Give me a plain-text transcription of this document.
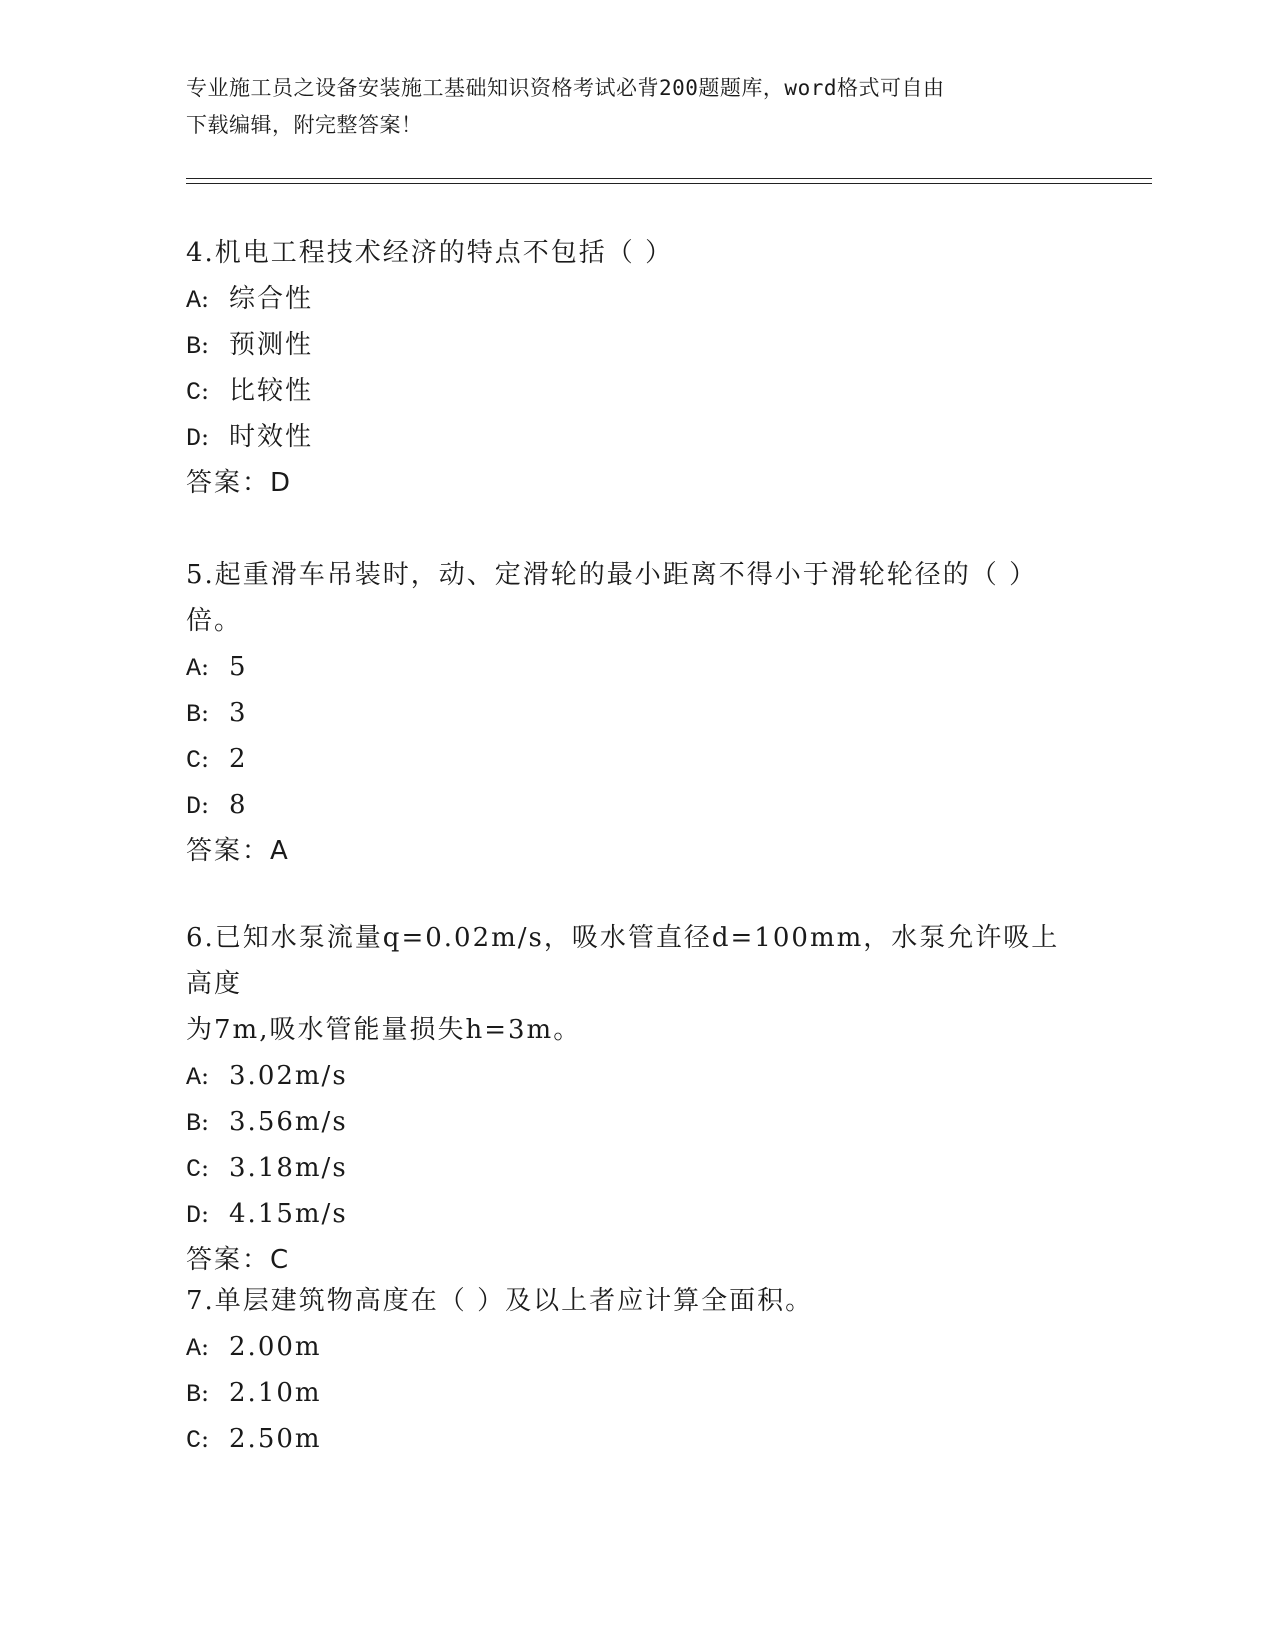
专业施工员之设备安装施工基础知识资格考试必背200题题库，word格式可自由
下载编辑，附完整答案！
4.机电工程技术经济的特点不包括（ ）
A: 综合性
B: 预测性
C: 比较性
D: 时效性
答案：D
5.起重滑车吊装时，动、定滑轮的最小距离不得小于滑轮轮径的（ ）
倍。
A: 5
B: 3
C: 2
D: 8
答案：A
6.已知水泵流量q=0.02m/s，吸水管直径d=100mm，水泵允许吸上高度
为7m,吸水管能量损失h=3m。
A: 3.02m/s
B: 3.56m/s
C: 3.18m/s
D: 4.15m/s
答案：C
7.单层建筑物高度在（ ）及以上者应计算全面积。
A: 2.00m
B: 2.10m
C: 2.50m
